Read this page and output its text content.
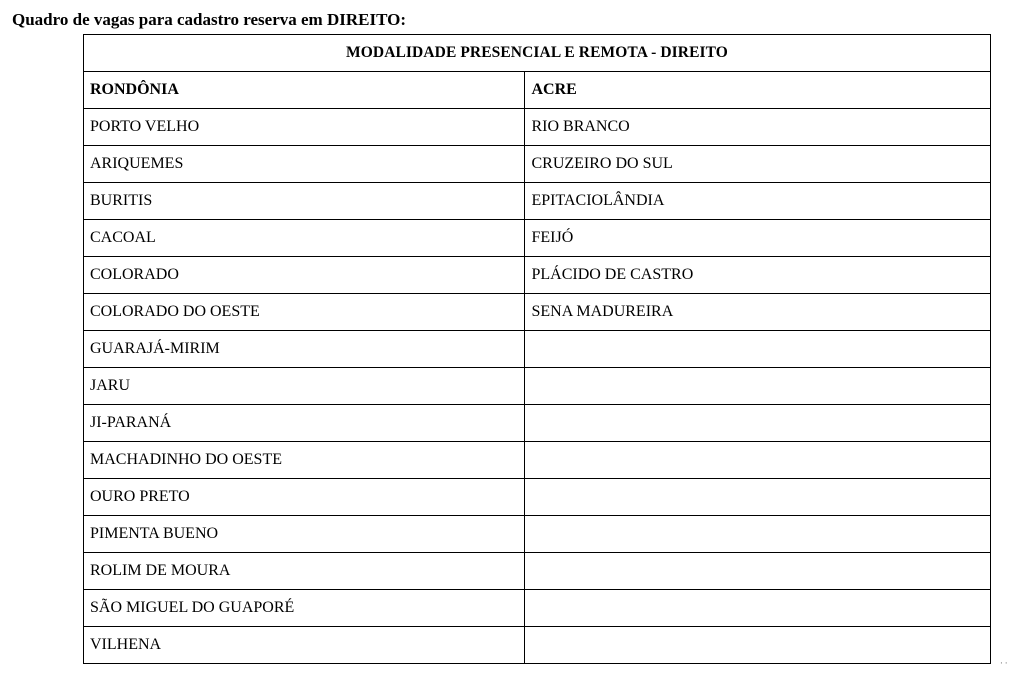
Quadro de vagas para cadastro reserva em DIREITO:
MODALIDADE PRESENCIAL E REMOTA - DIREITO	
RONDÔNIA	ACRE
PORTO VELHO	RIO BRANCO
ARIQUEMES	CRUZEIRO DO SUL
BURITIS	EPITACIOLÂNDIA
CACOAL	FEIJÓ
COLORADO	PLÁCIDO DE CASTRO
COLORADO DO OESTE	SENA MADUREIRA
GUARAJÁ-MIRIM	
JARU	
JI-PARANÁ	
MACHADINHO DO OESTE	
OURO PRETO	
PIMENTA BUENO	
ROLIM DE MOURA	
SÃO MIGUEL DO GUAPORÉ	
VILHENA	
··
